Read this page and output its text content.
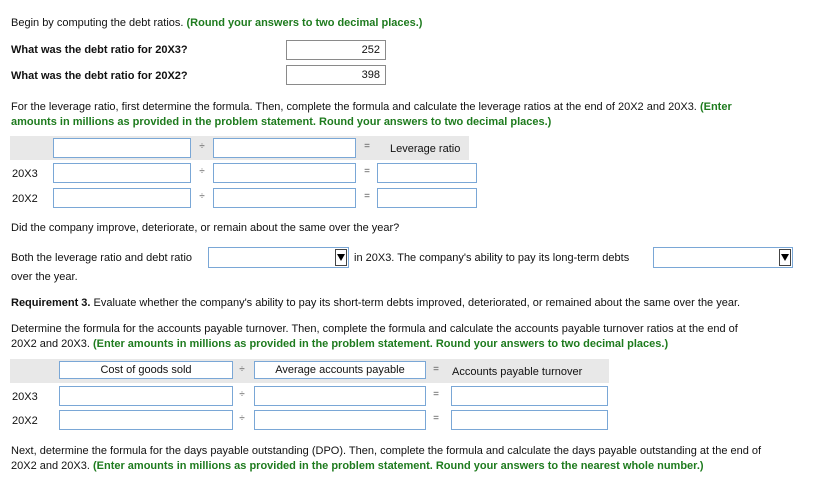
Begin by computing the debt ratios. (Round your answers to two decimal places.)
What was the debt ratio for 20X3?	252
What was the debt ratio for 20X2?	398
For the leverage ratio, first determine the formula. Then, complete the formula and calculate the leverage ratios at the end of 20X2 and 20X3. (Enter
amounts in millions as provided in the problem statement. Round your answers to two decimal places.)
÷	= Leverage ratio
20X3	÷	=
20X2	÷	=
Did the company improve, deteriorate, or remain about the same over the year?
Both the leverage ratio and debt ratio	in 20X3. The company's ability to pay its long-term debts
over the year.
Requirement 3. Evaluate whether the company's ability to pay its short-term debts improved, deteriorated, or remained about the same over the year.
Determine the formula for the accounts payable turnover. Then, complete the formula and calculate the accounts payable turnover ratios at the end of
20X2 and 20X3. (Enter amounts in millions as provided in the problem statement. Round your answers to two decimal places.)
Cost of goods sold	÷	Average accounts payable	= Accounts payable turnover
20X3	÷	=
20X2	÷	=
Next, determine the formula for the days payable outstanding (DPO). Then, complete the formula and calculate the days payable outstanding at the end of
20X2 and 20X3. (Enter amounts in millions as provided in the problem statement. Round your answers to the nearest whole number.)
